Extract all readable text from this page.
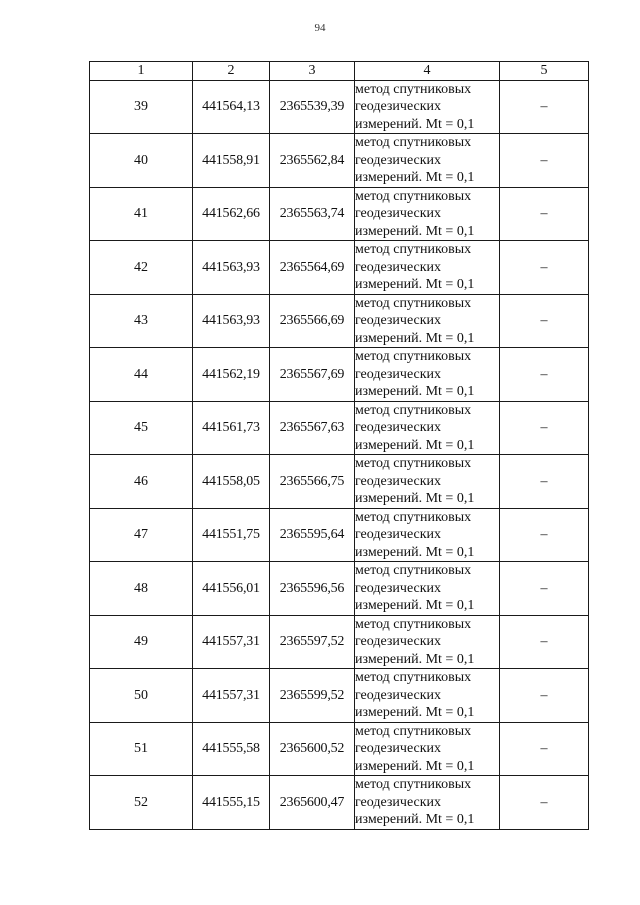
94
1	2	3	4	5
39	441564,13	2365539,39	метод спутниковых
геодезических
измерений. Mt = 0,1	–
40	441558,91	2365562,84	метод спутниковых
геодезических
измерений. Mt = 0,1	–
41	441562,66	2365563,74	метод спутниковых
геодезических
измерений. Mt = 0,1	–
42	441563,93	2365564,69	метод спутниковых
геодезических
измерений. Mt = 0,1	–
43	441563,93	2365566,69	метод спутниковых
геодезических
измерений. Mt = 0,1	–
44	441562,19	2365567,69	метод спутниковых
геодезических
измерений. Mt = 0,1	–
45	441561,73	2365567,63	метод спутниковых
геодезических
измерений. Mt = 0,1	–
46	441558,05	2365566,75	метод спутниковых
геодезических
измерений. Mt = 0,1	–
47	441551,75	2365595,64	метод спутниковых
геодезических
измерений. Mt = 0,1	–
48	441556,01	2365596,56	метод спутниковых
геодезических
измерений. Mt = 0,1	–
49	441557,31	2365597,52	метод спутниковых
геодезических
измерений. Mt = 0,1	–
50	441557,31	2365599,52	метод спутниковых
геодезических
измерений. Mt = 0,1	–
51	441555,58	2365600,52	метод спутниковых
геодезических
измерений. Mt = 0,1	–
52	441555,15	2365600,47	метод спутниковых
геодезических
измерений. Mt = 0,1	–
